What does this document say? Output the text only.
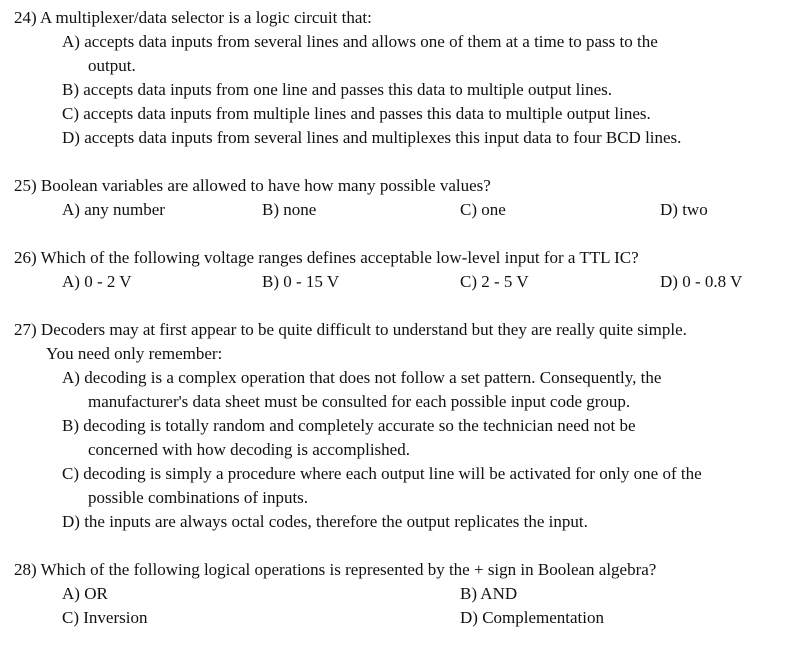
24) A multiplexer/data selector is a logic circuit that:
A) accepts data inputs from several lines and allows one of them at a time to pass to the
output.
B) accepts data inputs from one line and passes this data to multiple output lines.
C) accepts data inputs from multiple lines and passes this data to multiple output lines.
D) accepts data inputs from several lines and multiplexes this input data to four BCD lines.
25) Boolean variables are allowed to have how many possible values?
A) any number	B) none	C) one	D) two
26) Which of the following voltage ranges defines acceptable low-level input for a TTL IC?
A) 0 - 2 V	B) 0 - 15 V	C) 2 - 5 V	D) 0 - 0.8 V
27) Decoders may at first appear to be quite difficult to understand but they are really quite simple.
You need only remember:
A) decoding is a complex operation that does not follow a set pattern. Consequently, the
manufacturer's data sheet must be consulted for each possible input code group.
B) decoding is totally random and completely accurate so the technician need not be
concerned with how decoding is accomplished.
C) decoding is simply a procedure where each output line will be activated for only one of the
possible combinations of inputs.
D) the inputs are always octal codes, therefore the output replicates the input.
28) Which of the following logical operations is represented by the + sign in Boolean algebra?
A) OR	B) AND
C) Inversion	D) Complementation
